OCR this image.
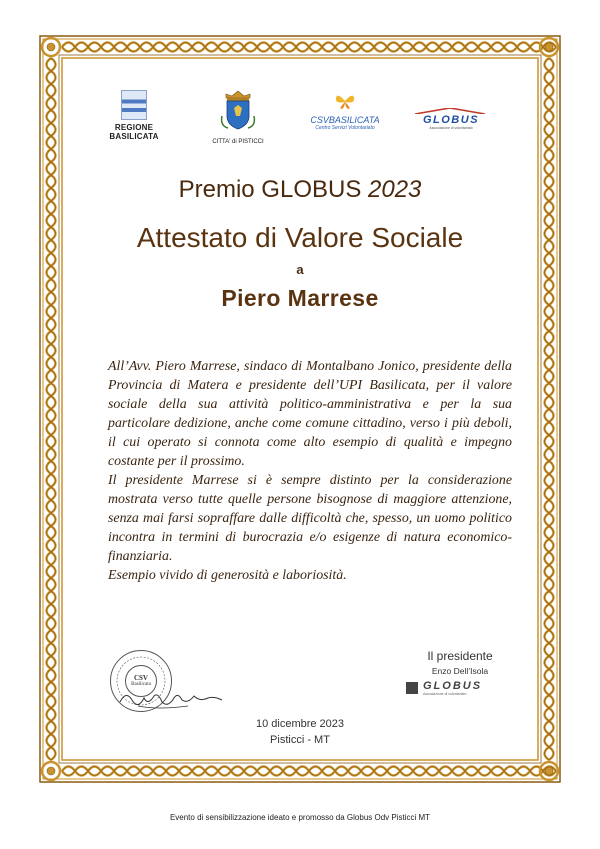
REGIONE
BASILICATA
CITTA' di PISTICCI
CSVBASILICATA
Centro Servizi Volontariato
GLOBUS
Associazione di volontariato
Premio GLOBUS 2023
Attestato di Valore Sociale
a
Piero Marrese

All’Avv. Piero Marrese, sindaco di Montalbano Jonico, presidente della Provincia di Matera e presidente dell’UPI Basilicata, per il valore sociale della sua attività politico-amministrativa e per la sua particolare dedizione, anche come comune cittadino, verso i più deboli, il cui operato si connota come alto esempio di qualità e impegno costante per il prossimo.

Il presidente Marrese si è sempre distinto per la considerazione mostrata verso tutte quelle persone bisognose di maggiore attenzione, senza mai farsi sopraffare dalle difficoltà che, spesso, un uomo politico incontra in termini di burocrazia e/o esigenze di natura economico-finanziaria.

Esempio vivido di generosità e laboriosità.

CSV
Basilicata
Il presidente
Enzo Dell’Isola
GLOBUS
Associazione di volontariato
10 dicembre 2023
Pisticci - MT
Evento di sensibilizzazione ideato e promosso da Globus Odv Pisticci MT
